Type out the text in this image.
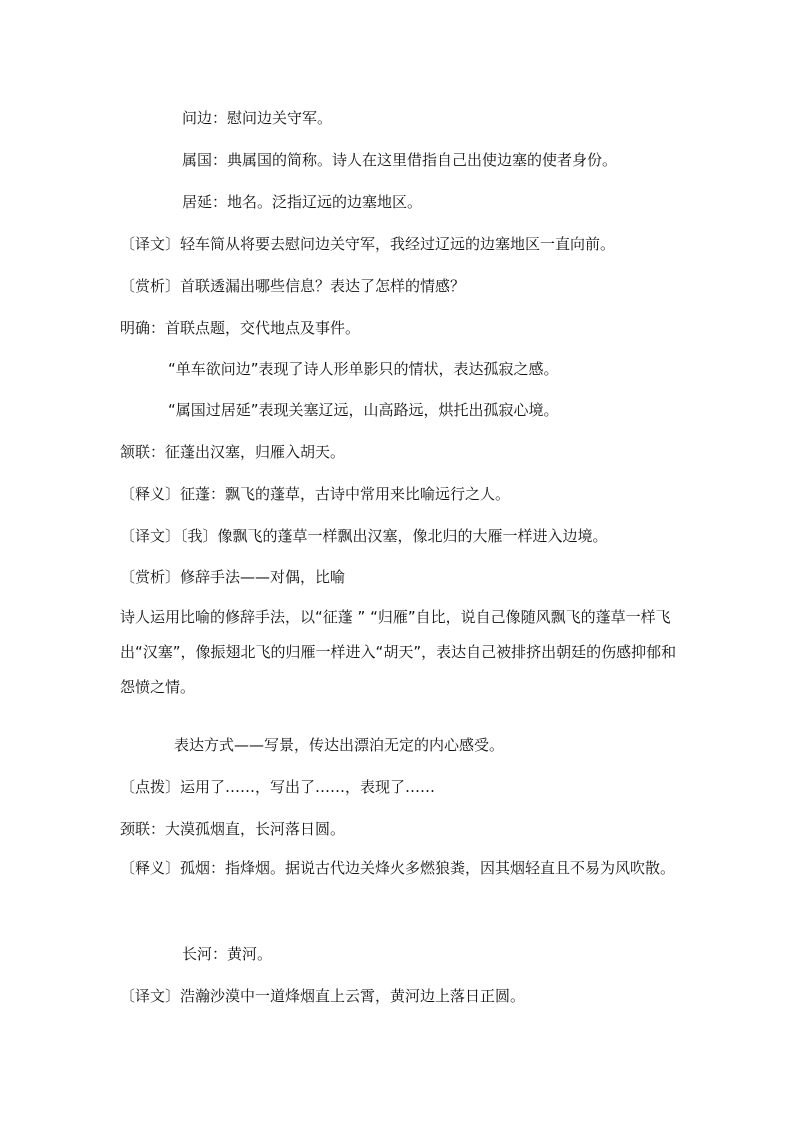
问边：慰问边关守军。
属国：典属国的简称。诗人在这里借指自己出使边塞的使者身份。
居延：地名。泛指辽远的边塞地区。
〔译文〕轻车简从将要去慰问边关守军，我经过辽远的边塞地区一直向前。
〔赏析〕首联透漏出哪些信息？表达了怎样的情感？
明确：首联点题，交代地点及事件。
“单车欲问边”表现了诗人形单影只的情状，表达孤寂之感。
“属国过居延”表现关塞辽远，山高路远，烘托出孤寂心境。
颔联：征蓬出汉塞，归雁入胡天。
〔释义〕征蓬：飘飞的蓬草，古诗中常用来比喻远行之人。
〔译文〕〔我〕像飘飞的蓬草一样飘出汉塞，像北归的大雁一样进入边境。
〔赏析〕修辞手法——对偶，比喻
诗人运用比喻的修辞手法，以“征蓬 ” “归雁”自比，说自己像随风飘飞的蓬草一样飞出“汉塞”，像振翅北飞的归雁一样进入“胡天”，表达自己被排挤出朝廷的伤感抑郁和怨愤之情。
表达方式——写景，传达出漂泊无定的内心感受。
〔点拨〕运用了……，写出了……，表现了……
颈联：大漠孤烟直，长河落日圆。
〔释义〕孤烟：指烽烟。据说古代边关烽火多燃狼粪，因其烟轻直且不易为风吹散。
长河：黄河。
〔译文〕浩瀚沙漠中一道烽烟直上云霄，黄河边上落日正圆。
